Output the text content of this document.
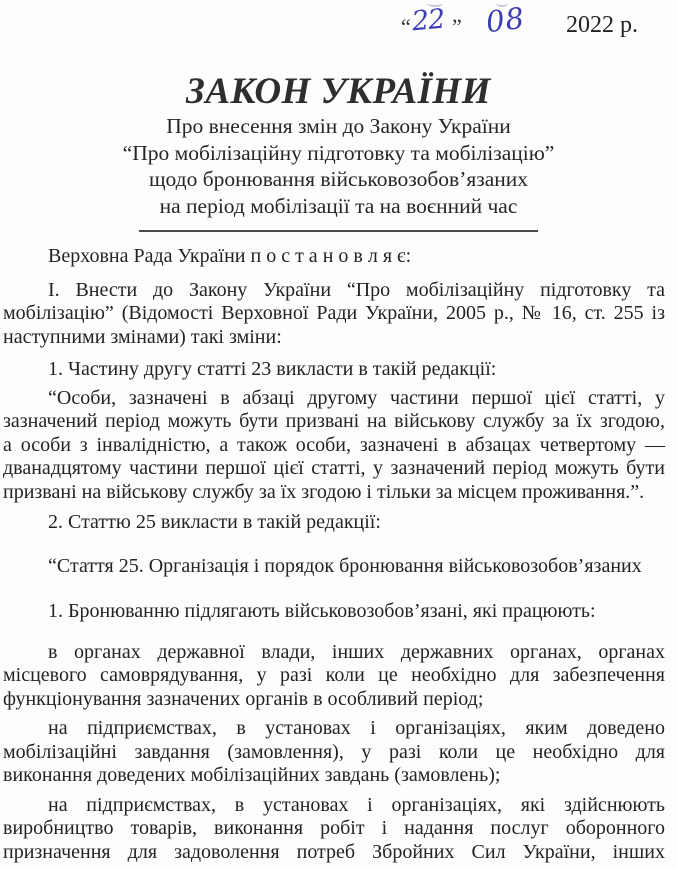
“ 22 ” 08 2022 р.
ЗАКОН УКРАЇНИ
Про внесення змін до Закону України
“Про мобілізаційну підготовку та мобілізацію”
щодо бронювання військовозобов’язаних
на період мобілізації та на воєнний час

Верховна Рада України п о с т а н о в л я є:

І. Внести до Закону України “Про мобілізаційну підготовку та
мобілізацію” (Відомості Верховної Ради України, 2005 р., № 16, ст. 255 із
наступними змінами) такі зміни:

1. Частину другу статті 23 викласти в такій редакції:

“Особи, зазначені в абзаці другому частини першої цієї статті, у
зазначений період можуть бути призвані на військову службу за їх згодою,
а особи з інвалідністю, а також особи, зазначені в абзацах четвертому —
дванадцятому частини першої цієї статті, у зазначений період можуть бути
призвані на військову службу за їх згодою і тільки за місцем проживання.”.

2. Статтю 25 викласти в такій редакції:

“Стаття 25. Організація і порядок бронювання військовозобов’язаних

1. Бронюванню підлягають військовозобов’язані, які працюють:

в органах державної влади, інших державних органах, органах
місцевого самоврядування, у разі коли це необхідно для забезпечення
функціонування зазначених органів в особливий період;

на підприємствах, в установах і організаціях, яким доведено
мобілізаційні завдання (замовлення), у разі коли це необхідно для
виконання доведених мобілізаційних завдань (замовлень);

на підприємствах, в установах і організаціях, які здійснюють
виробництво товарів, виконання робіт і надання послуг оборонного
призначення для задоволення потреб Збройних Сил України, інших
